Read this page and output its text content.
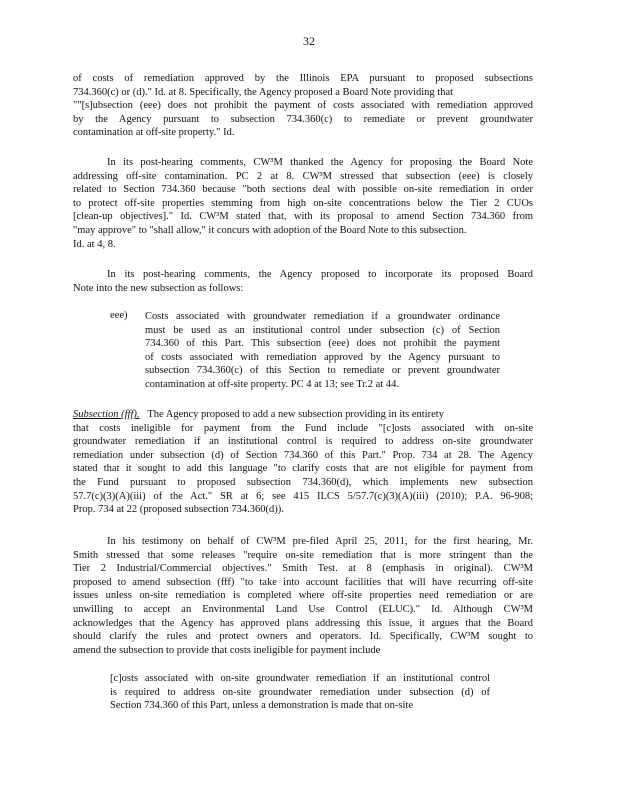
32
of costs of remediation approved by the Illinois EPA pursuant to proposed subsections
734.360(c) or (d)." Id. at 8. Specifically, the Agency proposed a Board Note providing that
""[s]ubsection (eee) does not prohibit the payment of costs associated with remediation approved
by the Agency pursuant to subsection 734.360(c) to remediate or prevent groundwater
contamination at off-site property." Id.
In its post-hearing comments, CW³M thanked the Agency for proposing the Board Note
addressing off-site contamination. PC 2 at 8. CW³M stressed that subsection (eee) is closely
related to Section 734.360 because "both sections deal with possible on-site remediation in order
to protect off-site properties stemming from high on-site concentrations below the Tier 2 CUOs
[clean-up objectives]." Id. CW³M stated that, with its proposal to amend Section 734.360 from
"may approve" to "shall allow," it concurs with adoption of the Board Note to this subsection.
Id. at 4, 8.
In its post-hearing comments, the Agency proposed to incorporate its proposed Board
Note into the new subsection as follows:
eee) Costs associated with groundwater remediation if a groundwater ordinance
must be used as an institutional control under subsection (c) of Section
734.360 of this Part. This subsection (eee) does not prohibit the payment
of costs associated with remediation approved by the Agency pursuant to
subsection 734.360(c) of this Section to remediate or prevent groundwater
contamination at off-site property. PC 4 at 13; see Tr.2 at 44.
Subsection (fff). The Agency proposed to add a new subsection providing in its entirety
that costs ineligible for payment from the Fund include "[c]osts associated with on-site
groundwater remediation if an institutional control is required to address on-site groundwater
remediation under subsection (d) of Section 734.360 of this Part." Prop. 734 at 28. The Agency
stated that it sought to add this language "to clarify costs that are not eligible for payment from
the Fund pursuant to proposed subsection 734.360(d), which implements new subsection
57.7(c)(3)(A)(iii) of the Act." SR at 6; see 415 ILCS 5/57.7(c)(3)(A)(iii) (2010); P.A. 96-908;
Prop. 734 at 22 (proposed subsection 734.360(d)).
In his testimony on behalf of CW³M pre-filed April 25, 2011, for the first hearing, Mr.
Smith stressed that some releases "require on-site remediation that is more stringent than the
Tier 2 Industrial/Commercial objectives." Smith Test. at 8 (emphasis in original). CW³M
proposed to amend subsection (fff) "to take into account facilities that will have recurring off-site
issues unless on-site remediation is completed where off-site properties need remediation or are
unwilling to accept an Environmental Land Use Control (ELUC)." Id. Although CW³M
acknowledges that the Agency has approved plans addressing this issue, it argues that the Board
should clarify the rules and protect owners and operators. Id. Specifically, CW³M sought to
amend the subsection to provide that costs ineligible for payment include
[c]osts associated with on-site groundwater remediation if an institutional control
is required to address on-site groundwater remediation under subsection (d) of
Section 734.360 of this Part, unless a demonstration is made that on-site
